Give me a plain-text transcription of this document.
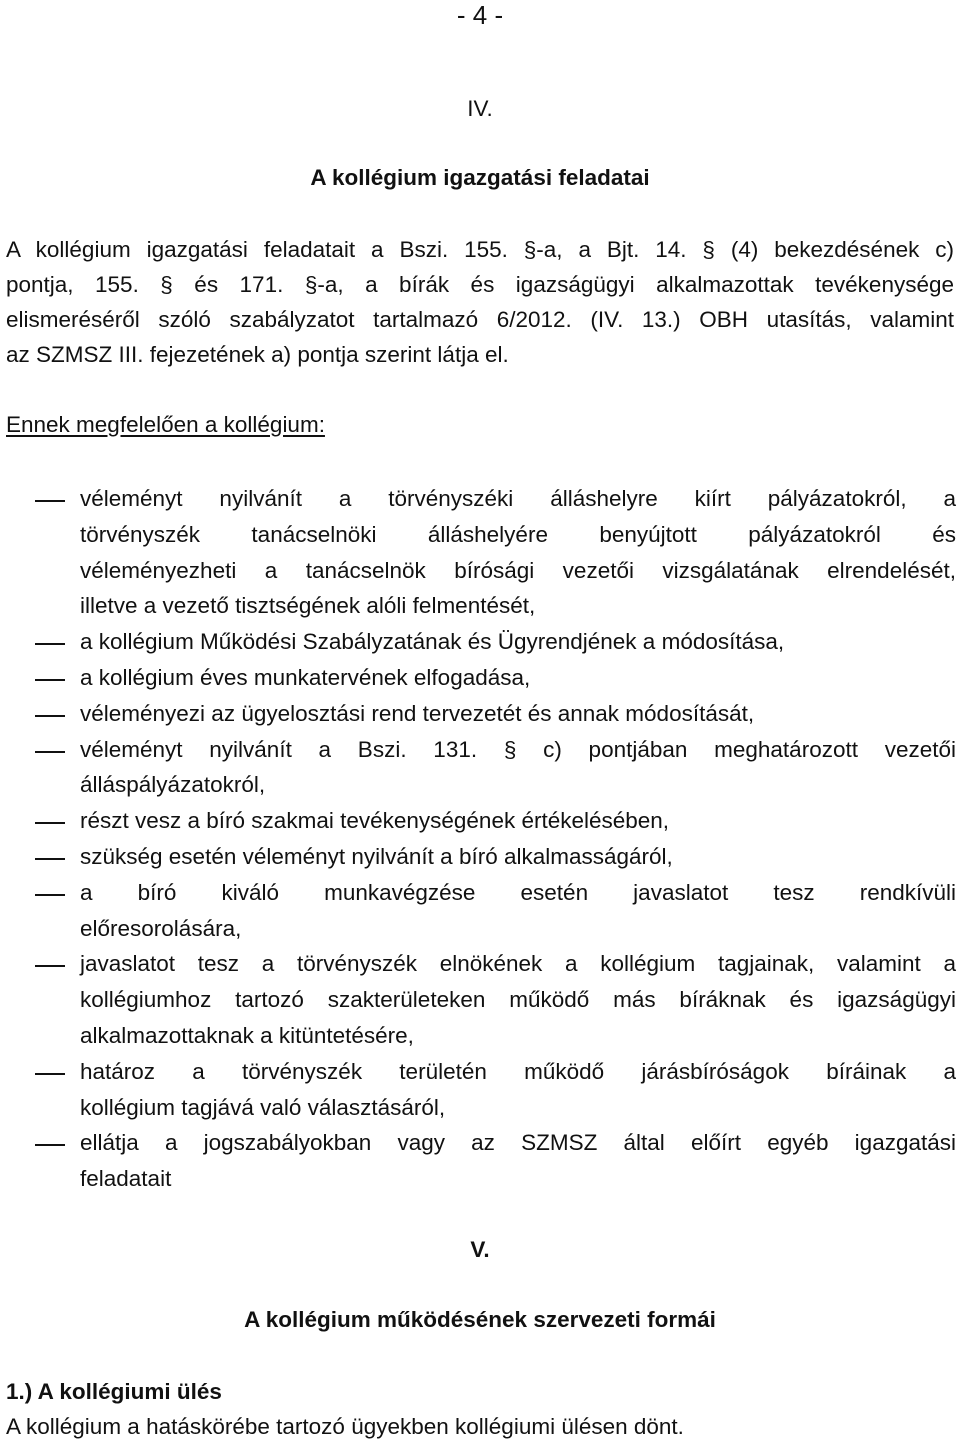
- 4 -
IV.
A kollégium igazgatási feladatai
A kollégium igazgatási feladatait a Bszi. 155. §-a, a Bjt. 14. § (4) bekezdésének c)
pontja, 155. § és 171. §-a, a bírák és igazságügyi alkalmazottak tevékenysége
elismeréséről szóló szabályzatot tartalmazó 6/2012. (IV. 13.) OBH utasítás, valamint
az SZMSZ III. fejezetének a) pontja szerint látja el.
Ennek megfelelően a kollégium:
véleményt nyilvánít a törvényszéki álláshelyre kiírt pályázatokról, a
törvényszék tanácselnöki álláshelyére benyújtott pályázatokról és
véleményezheti a tanácselnök bírósági vezetői vizsgálatának elrendelését,
illetve a vezető tisztségének alóli felmentését,
a kollégium Működési Szabályzatának és Ügyrendjének a módosítása,
a kollégium éves munkatervének elfogadása,
véleményezi az ügyelosztási rend tervezetét és annak módosítását,
véleményt nyilvánít a Bszi. 131. § c) pontjában meghatározott vezetői
álláspályázatokról,
részt vesz a bíró szakmai tevékenységének értékelésében,
szükség esetén véleményt nyilvánít a bíró alkalmasságáról,
a bíró kiváló munkavégzése esetén javaslatot tesz rendkívüli
előresorolására,
javaslatot tesz a törvényszék elnökének a kollégium tagjainak, valamint a
kollégiumhoz tartozó szakterületeken működő más bíráknak és igazságügyi
alkalmazottaknak a kitüntetésére,
határoz a törvényszék területén működő járásbíróságok bíráinak a
kollégium tagjává való választásáról,
ellátja a jogszabályokban vagy az SZMSZ által előírt egyéb igazgatási
feladatait
V.
A kollégium működésének szervezeti formái
1.) A kollégiumi ülés
A kollégium a hatáskörébe tartozó ügyekben kollégiumi ülésen dönt.
